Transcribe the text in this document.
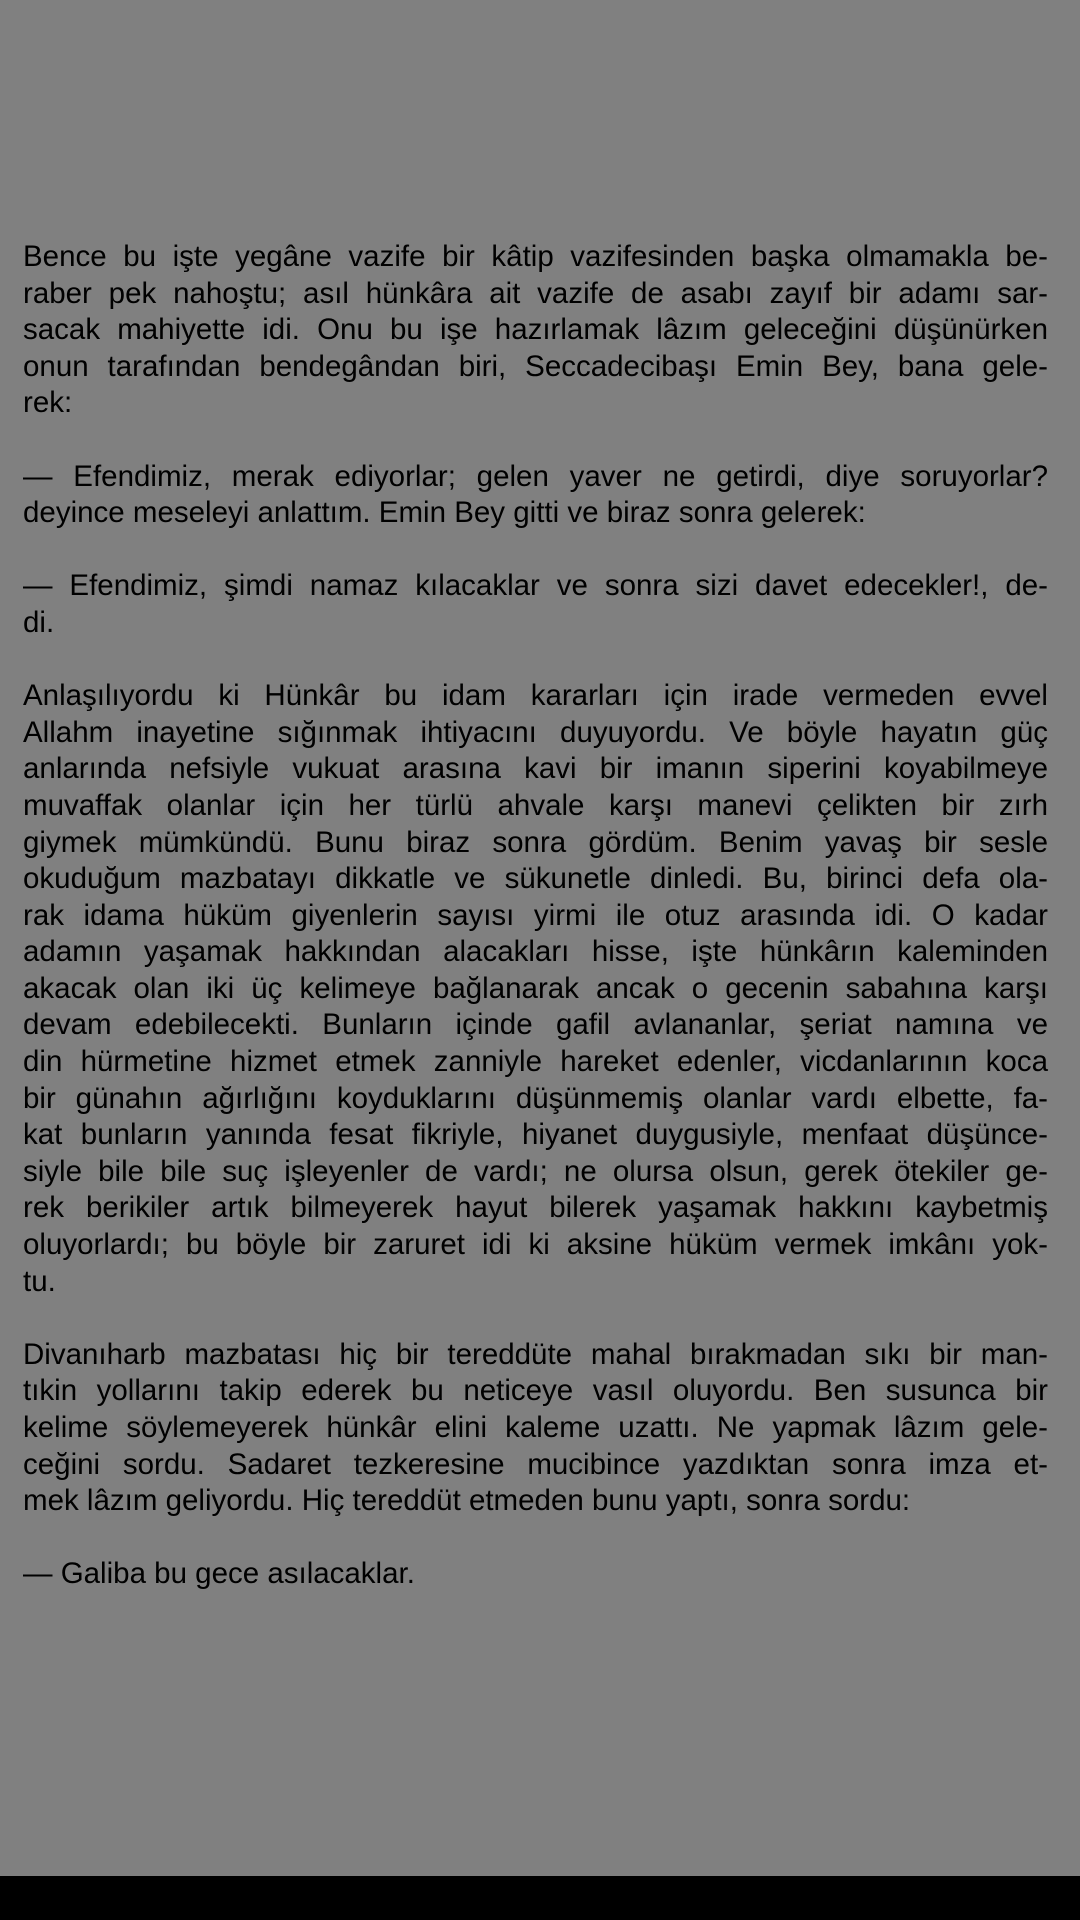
Bence bu işte yegâne vazife bir kâtip vazifesinden başka olmamakla be-
raber pek nahoştu; asıl hünkâra ait vazife de asabı zayıf bir adamı sar-
sacak mahiyette idi. Onu bu işe hazırlamak lâzım geleceğini düşünürken
onun tarafından bendegândan biri, Seccadecibaşı Emin Bey, bana gele-
rek:

— Efendimiz, merak ediyorlar; gelen yaver ne getirdi, diye soruyorlar?
deyince meseleyi anlattım. Emin Bey gitti ve biraz sonra gelerek:

— Efendimiz, şimdi namaz kılacaklar ve sonra sizi davet edecekler!, de-
di.

Anlaşılıyordu ki Hünkâr bu idam kararları için irade vermeden evvel
Allahm inayetine sığınmak ihtiyacını duyuyordu. Ve böyle hayatın güç
anlarında nefsiyle vukuat arasına kavi bir imanın siperini koyabilmeye
muvaffak olanlar için her türlü ahvale karşı manevi çelikten bir zırh
giymek mümkündü. Bunu biraz sonra gördüm. Benim yavaş bir sesle
okuduğum mazbatayı dikkatle ve sükunetle dinledi. Bu, birinci defa ola-
rak idama hüküm giyenlerin sayısı yirmi ile otuz arasında idi. O kadar
adamın yaşamak hakkından alacakları hisse, işte hünkârın kaleminden
akacak olan iki üç kelimeye bağlanarak ancak o gecenin sabahına karşı
devam edebilecekti. Bunların içinde gafil avlananlar, şeriat namına ve
din hürmetine hizmet etmek zanniyle hareket edenler, vicdanlarının koca
bir günahın ağırlığını koyduklarını düşünmemiş olanlar vardı elbette, fa-
kat bunların yanında fesat fikriyle, hiyanet duygusiyle, menfaat düşünce-
siyle bile bile suç işleyenler de vardı; ne olursa olsun, gerek ötekiler ge-
rek berikiler artık bilmeyerek hayut bilerek yaşamak hakkını kaybetmiş
oluyorlardı; bu böyle bir zaruret idi ki aksine hüküm vermek imkânı yok-
tu.

Divanıharb mazbatası hiç bir tereddüte mahal bırakmadan sıkı bir man-
tıkin yollarını takip ederek bu neticeye vasıl oluyordu. Ben susunca bir
kelime söylemeyerek hünkâr elini kaleme uzattı. Ne yapmak lâzım gele-
ceğini sordu. Sadaret tezkeresine mucibince yazdıktan sonra imza et-
mek lâzım geliyordu. Hiç tereddüt etmeden bunu yaptı, sonra sordu:

— Galiba bu gece asılacaklar.
